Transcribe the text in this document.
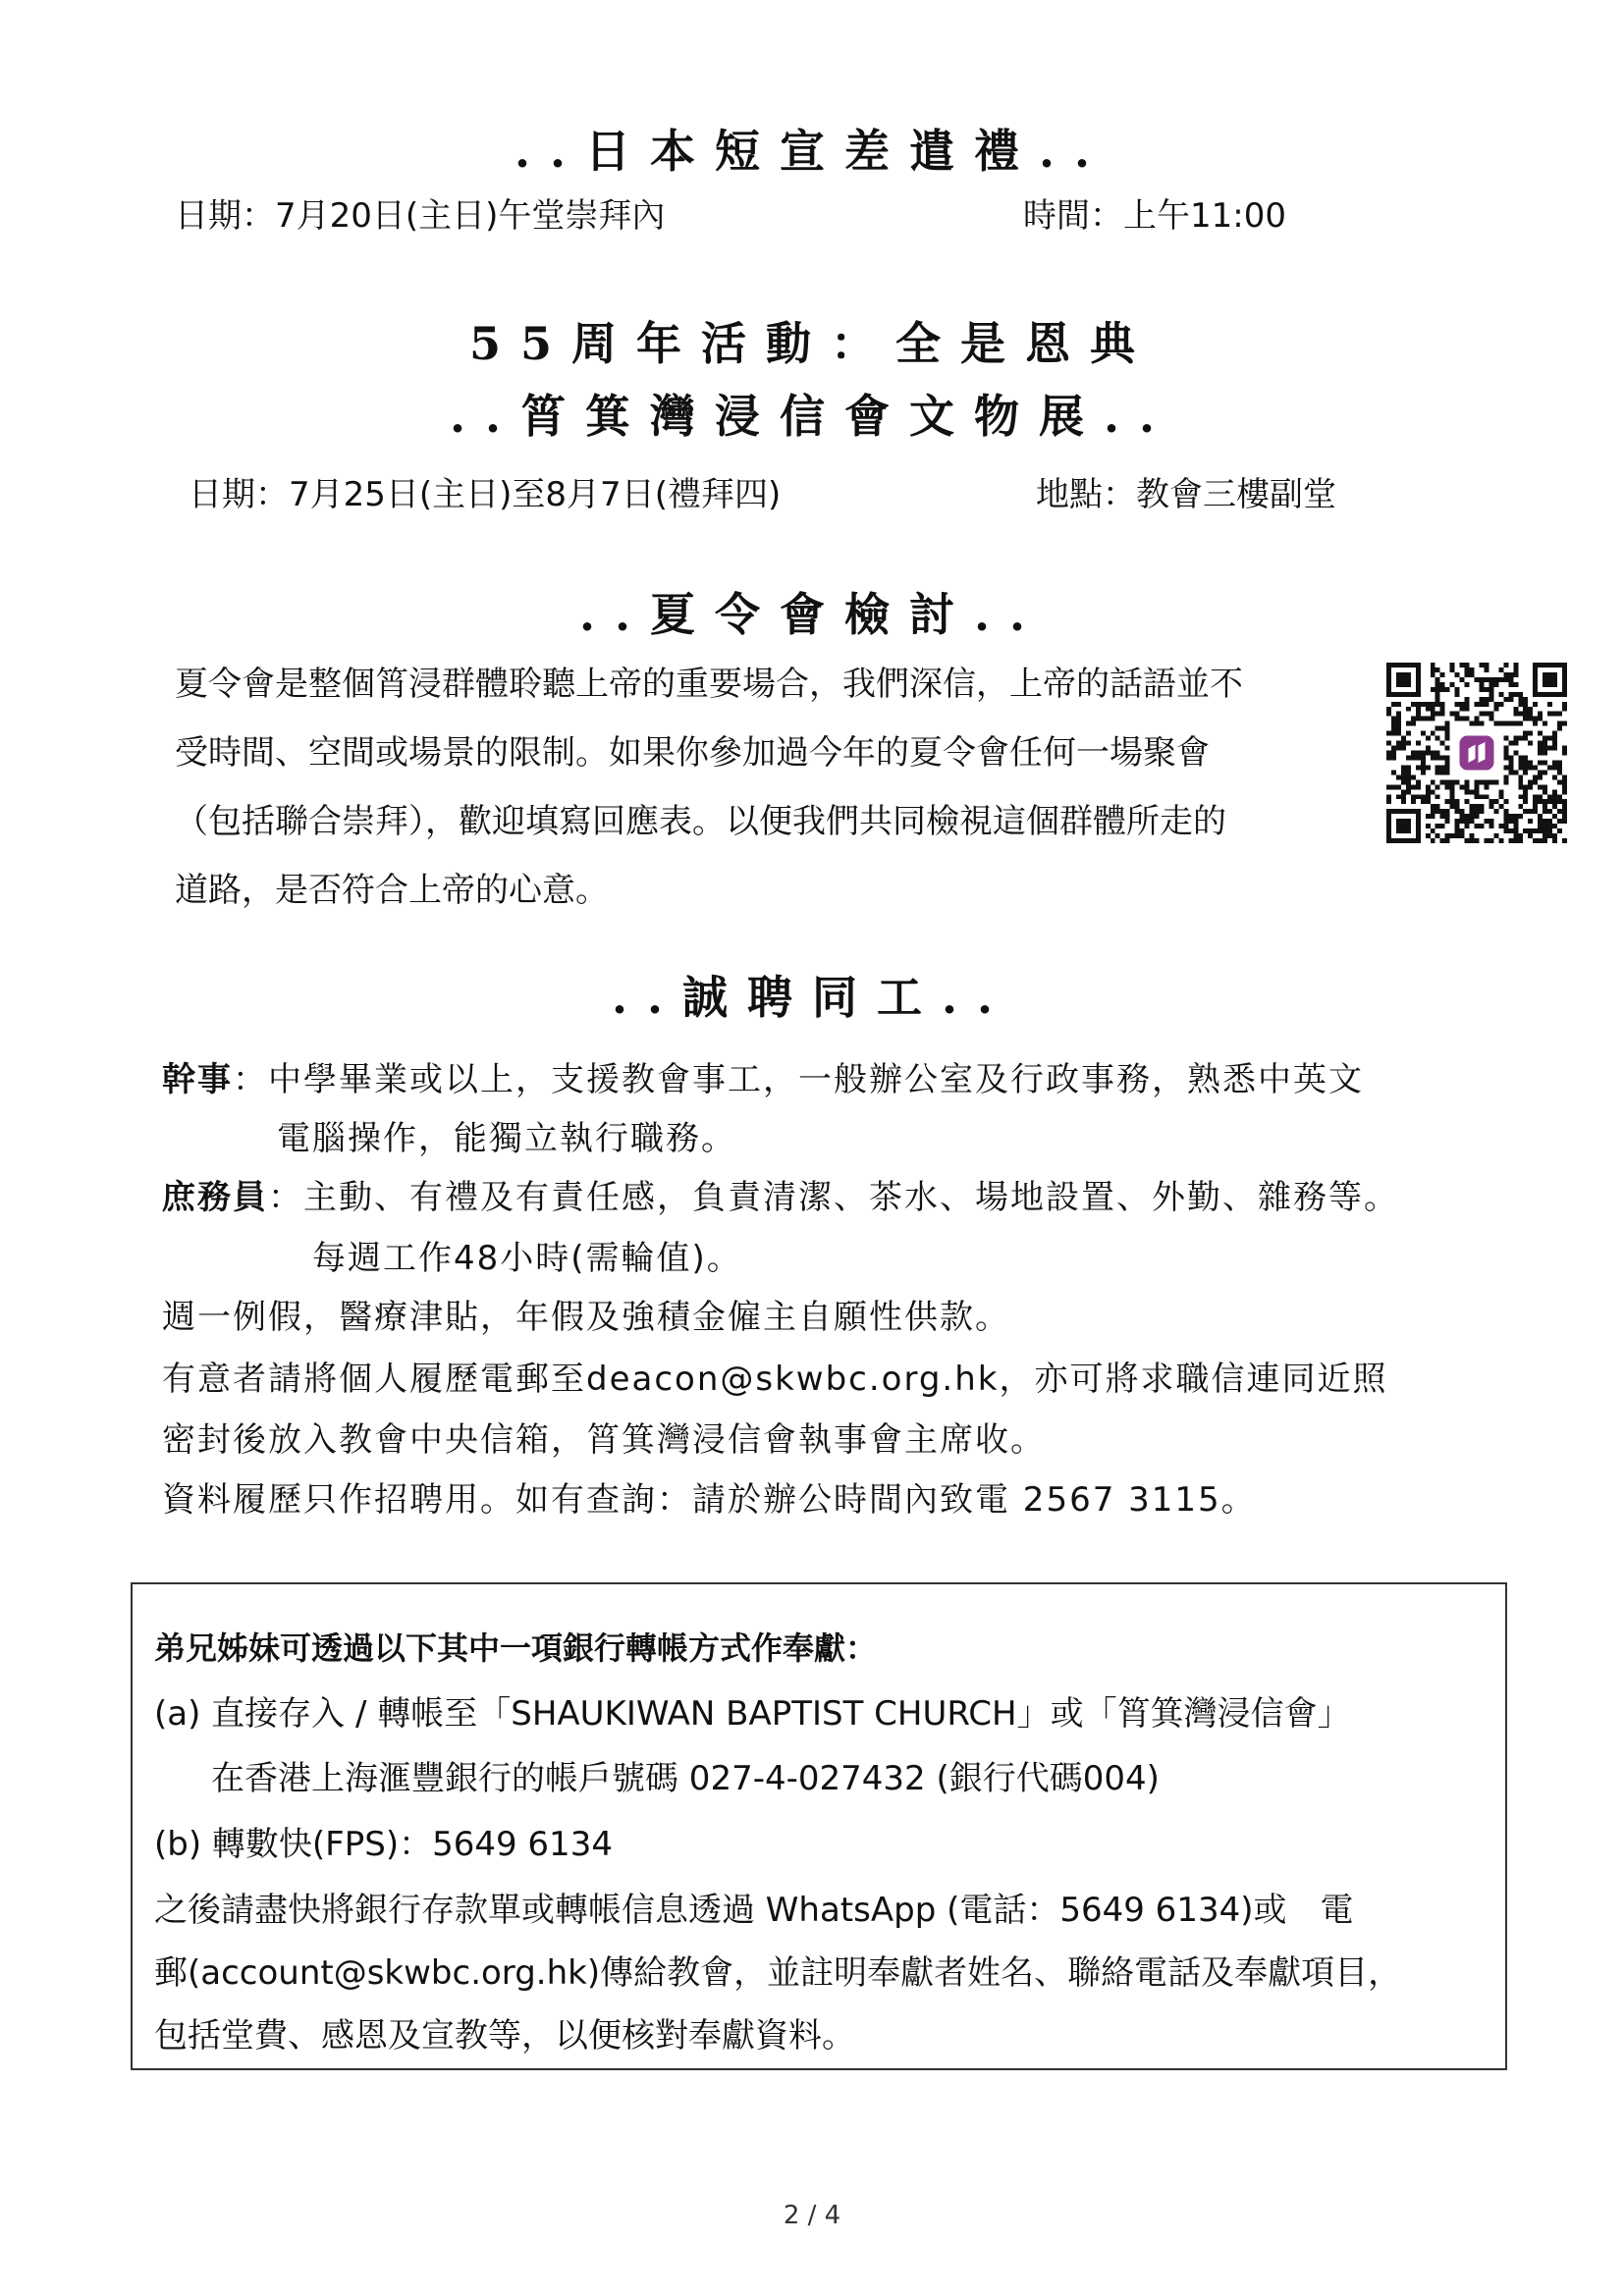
..日本短宣差遣禮..
日期：7月20日(主日)午堂崇拜內	時間：上午11:00
55周年活動：全是恩典
..筲箕灣浸信會文物展..
日期：7月25日(主日)至8月7日(禮拜四)	地點：教會三樓副堂
..夏令會檢討..
夏令會是整個筲浸群體聆聽上帝的重要場合，我們深信，上帝的話語並不
受時間、空間或場景的限制。如果你參加過今年的夏令會任何一場聚會
（包括聯合崇拜），歡迎填寫回應表。以便我們共同檢視這個群體所走的
道路，是否符合上帝的心意。
..誠聘同工..
幹事：中學畢業或以上，支援教會事工，一般辦公室及行政事務，熟悉中英文
電腦操作，能獨立執行職務。
庶務員：主動、有禮及有責任感，負責清潔、茶水、場地設置、外勤、雜務等。
每週工作48小時(需輪值)。
週一例假，醫療津貼，年假及強積金僱主自願性供款。
有意者請將個人履歷電郵至deacon@skwbc.org.hk，亦可將求職信連同近照
密封後放入教會中央信箱，筲箕灣浸信會執事會主席收。
資料履歷只作招聘用。如有查詢：請於辦公時間內致電 2567 3115。
弟兄姊妹可透過以下其中一項銀行轉帳方式作奉獻：
(a) 直接存入 / 轉帳至「SHAUKIWAN BAPTIST CHURCH」或「筲箕灣浸信會」
在香港上海滙豐銀行的帳戶號碼 027-4-027432 (銀行代碼004)
(b) 轉數快(FPS)：5649 6134
之後請盡快將銀行存款單或轉帳信息透過 WhatsApp (電話：5649 6134)或　電
郵(account@skwbc.org.hk)傳給教會，並註明奉獻者姓名、聯絡電話及奉獻項目，
包括堂費、感恩及宣教等，以便核對奉獻資料。
2 / 4
